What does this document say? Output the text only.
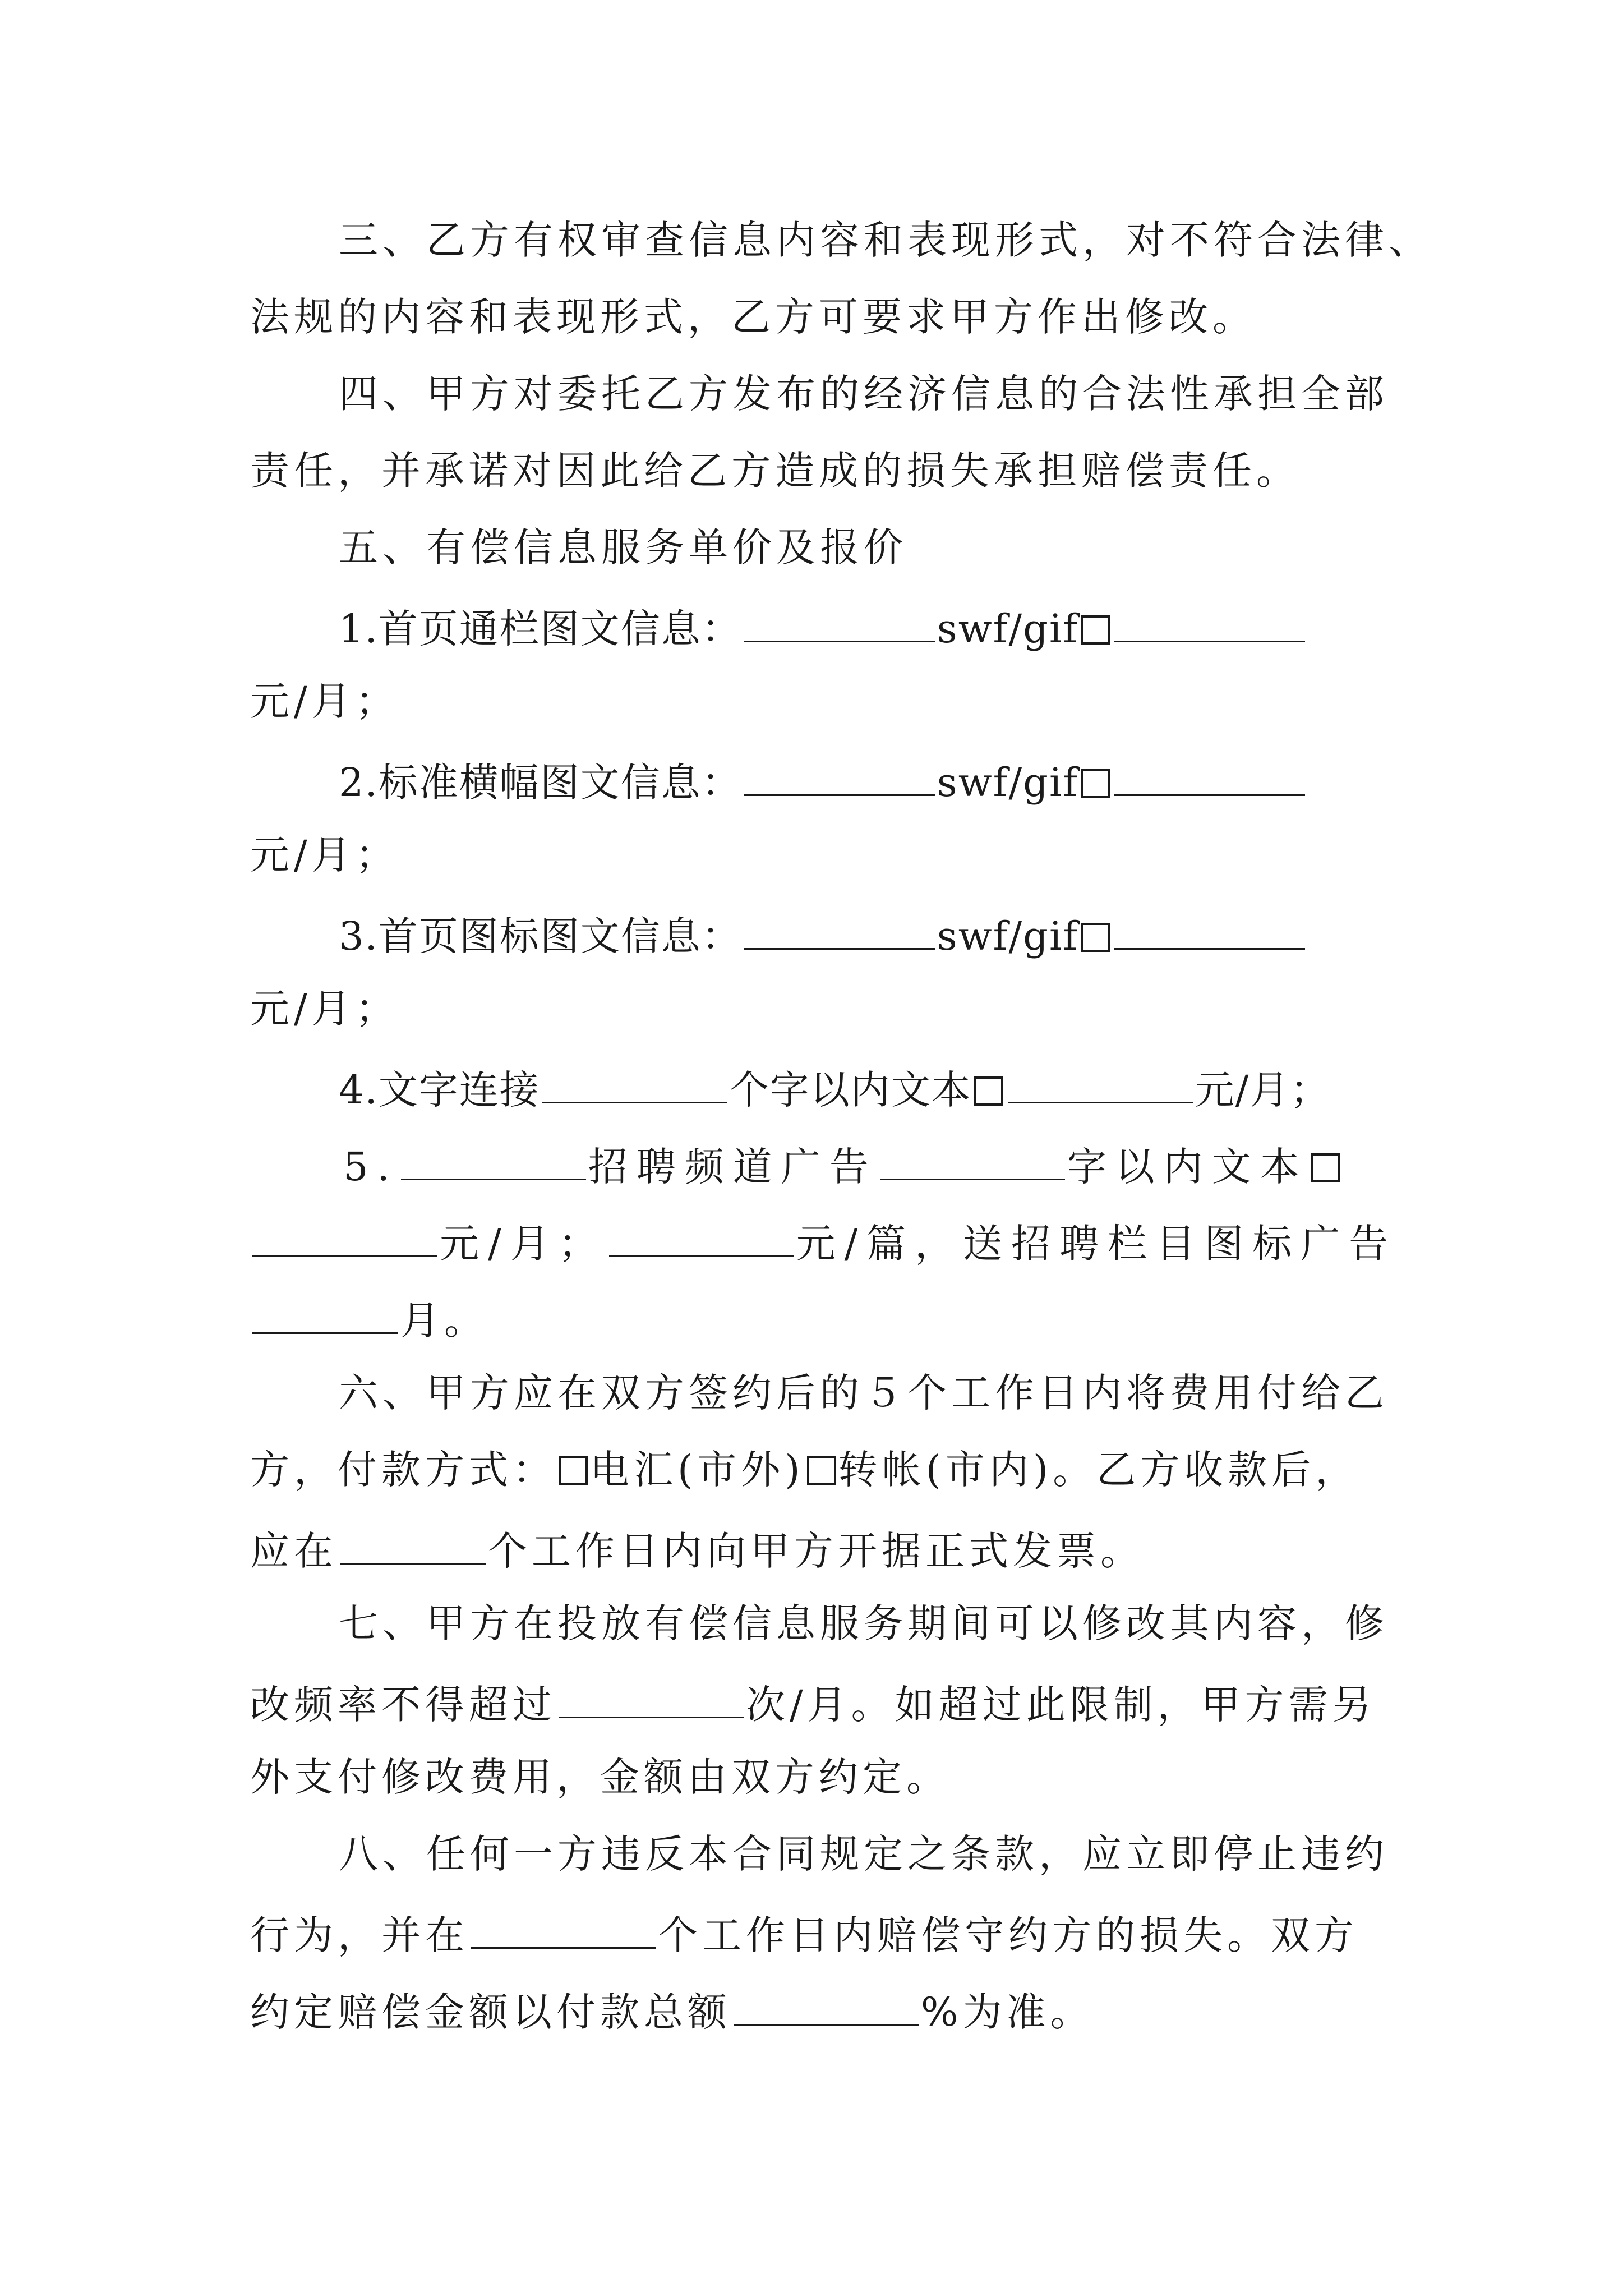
三、乙方有权审查信息内容和表现形式，对不符合法律、
法规的内容和表现形式，乙方可要求甲方作出修改。
四、甲方对委托乙方发布的经济信息的合法性承担全部
责任，并承诺对因此给乙方造成的损失承担赔偿责任。
五、有偿信息服务单价及报价
1.首页通栏图文信息：	swf/gif
元/月；
2.标准横幅图文信息：	swf/gif
元/月；
3.首页图标图文信息：	swf/gif
元/月；
4.文字连接	个字以内文本	元/月；
5.	招聘频道广告	字以内文本
元/月；	元/篇，送招聘栏目图标广告
月。
六、甲方应在双方签约后的５个工作日内将费用付给乙
方，付款方式： 电汇(市外) 转帐(市内)。乙方收款后，
应在	个工作日内向甲方开据正式发票。
七、甲方在投放有偿信息服务期间可以修改其内容，修
改频率不得超过	次/月。如超过此限制，甲方需另
外支付修改费用，金额由双方约定。
八、任何一方违反本合同规定之条款，应立即停止违约
行为，并在	个工作日内赔偿守约方的损失。双方
约定赔偿金额以付款总额	%为准。
